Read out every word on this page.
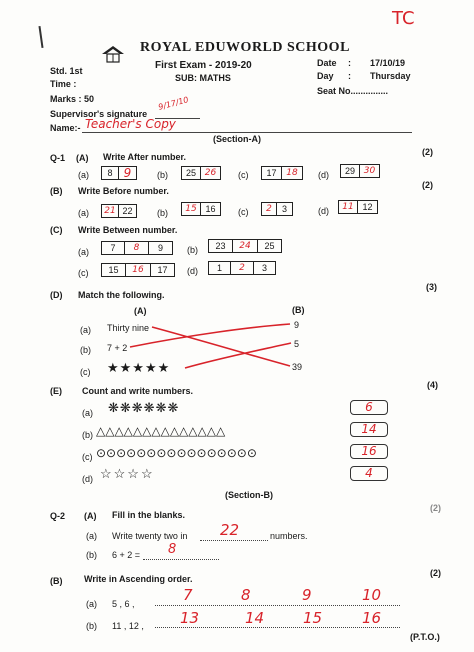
TC
ROYAL EDUWORLD SCHOOL
Std. 1st	First Exam - 2019-20
SUB: MATHS
Date : 17/10/19
Day : Thursday
Time :
Seat No...............
Marks : 50
Supervisor's signature
9/17/10
Name:- Teacher's Copy
(Section-A)
Q-1 (A) Write After number.	(2)
(a)	8 9	(b)	25 26	(c)	17 18	(d)	29 30
(B) Write Before number.
(2)
(a)	21 22	(b)	15 16	(c)	2 3	(d)	11 12
(C) Write Between number.
(a)	7 8 9	(b)	23 24 25
(c)	15 16 17	(d)	1 2 3
(D) Match the following.
(3)
(A)	(B)
(a) Thirty nine
(b) 7 + 2
(c) ★★★★★
9
5
39
(E) Count and write numbers.
(4)
(a) ❋❋❋❋❋❋	6
(b) △△△△△△△△△△△△△△	14
(c) ⊙⊙⊙⊙⊙⊙⊙⊙⊙⊙⊙⊙⊙⊙⊙⊙	16
(d) ☆☆☆☆	4
(Section-B)
Q-2 (A) Fill in the blanks.
(2)
(a) Write twenty two in 22	numbers.
(b) 6 + 2 = 8
(B) Write in Ascending order.
(2)
(a) 5 , 6 ,	7	8	9	10
(b) 11 , 12 , 13	14	15	16
(P.T.O.)
